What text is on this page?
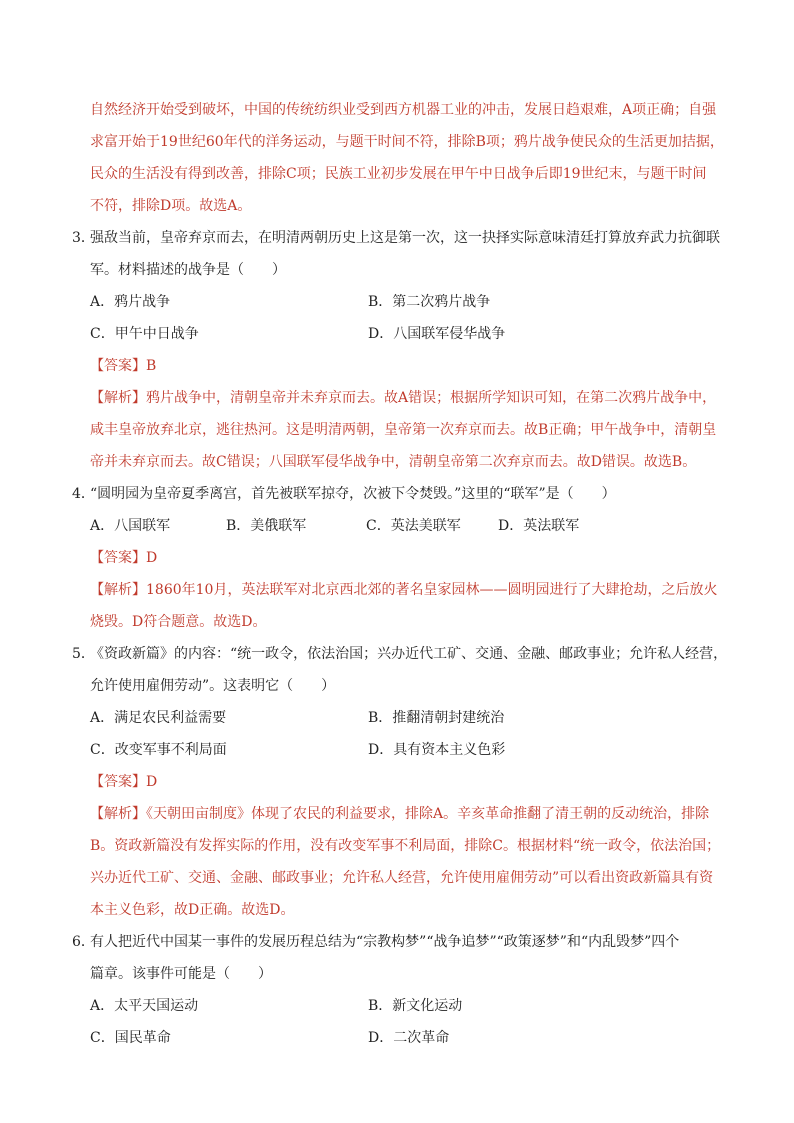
自然经济开始受到破坏，中国的传统纺织业受到西方机器工业的冲击，发展日趋艰难，A项正确；自强
求富开始于19世纪60年代的洋务运动，与题干时间不符，排除B项；鸦片战争使民众的生活更加拮据，
民众的生活没有得到改善，排除C项；民族工业初步发展在甲午中日战争后即19世纪末，与题干时间
不符，排除D项。故选A。
3．
强敌当前，皇帝弃京而去，在明清两朝历史上这是第一次，这一抉择实际意味清廷打算放弃武力抗御联
军。材料描述的战争是（　　）
A．鸦片战争	B．第二次鸦片战争
C．甲午中日战争	D．八国联军侵华战争
【答案】B
【解析】鸦片战争中，清朝皇帝并未弃京而去。故A错误；根据所学知识可知，在第二次鸦片战争中，
咸丰皇帝放弃北京，逃往热河。这是明清两朝，皇帝第一次弃京而去。故B正确；甲午战争中，清朝皇
帝并未弃京而去。故C错误；八国联军侵华战争中，清朝皇帝第二次弃京而去。故D错误。故选B。
4．
“圆明园为皇帝夏季离宫，首先被联军掠夺，次被下令焚毁。”这里的“联军”是（　　）
A．八国联军	B．美俄联军	C．英法美联军	D．英法联军
【答案】D
【解析】1860年10月，英法联军对北京西北郊的著名皇家园林——圆明园进行了大肆抢劫，之后放火
烧毁。D符合题意。故选D。
5．
《资政新篇》的内容：“统一政令，依法治国；兴办近代工矿、交通、金融、邮政事业；允许私人经营，
允许使用雇佣劳动”。这表明它（　　）
A．满足农民利益需要	B．推翻清朝封建统治
C．改变军事不利局面	D．具有资本主义色彩
【答案】D
【解析】《天朝田亩制度》体现了农民的利益要求，排除A。辛亥革命推翻了清王朝的反动统治，排除
B。资政新篇没有发挥实际的作用，没有改变军事不利局面，排除C。根据材料“统一政令，依法治国；
兴办近代工矿、交通、金融、邮政事业；允许私人经营，允许使用雇佣劳动”可以看出资政新篇具有资
本主义色彩，故D正确。故选D。
6．
有人把近代中国某一事件的发展历程总结为“宗教构梦”“战争追梦”“政策逐梦”和“内乱毁梦”四个
篇章。该事件可能是（　　）
A．太平天国运动	B．新文化运动
C．国民革命	D．二次革命
